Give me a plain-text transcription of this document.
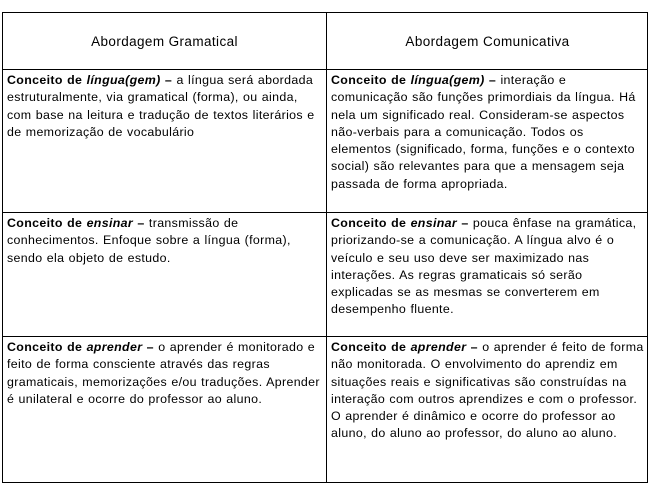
Abordagem Gramatical	Abordagem Comunicativa
Conceito de língua(gem) – a língua será abordada estruturalmente, via gramatical (forma), ou ainda, com base na leitura e tradução de textos literários e de memorização de vocabulário
Conceito de língua(gem) – interação e comunicação são funções primordiais da língua. Há nela um significado real. Consideram-se aspectos não-verbais para a comunicação. Todos os elementos (significado, forma, funções e o contexto social) são relevantes para que a mensagem seja passada de forma apropriada.
Conceito de ensinar – transmissão de conhecimentos. Enfoque sobre a língua (forma), sendo ela objeto de estudo.
Conceito de ensinar – pouca ênfase na gramática, priorizando-se a comunicação. A língua alvo é o veículo e seu uso deve ser maximizado nas interações. As regras gramaticais só serão explicadas se as mesmas se converterem em desempenho fluente.
Conceito de aprender – o aprender é monitorado e feito de forma consciente através das regras gramaticais, memorizações e/ou traduções. Aprender é unilateral e ocorre do professor ao aluno.
Conceito de aprender – o aprender é feito de forma não monitorada. O envolvimento do aprendiz em situações reais e significativas são construídas na interação com outros aprendizes e com o professor. O aprender é dinâmico e ocorre do professor ao aluno, do aluno ao professor, do aluno ao aluno.
